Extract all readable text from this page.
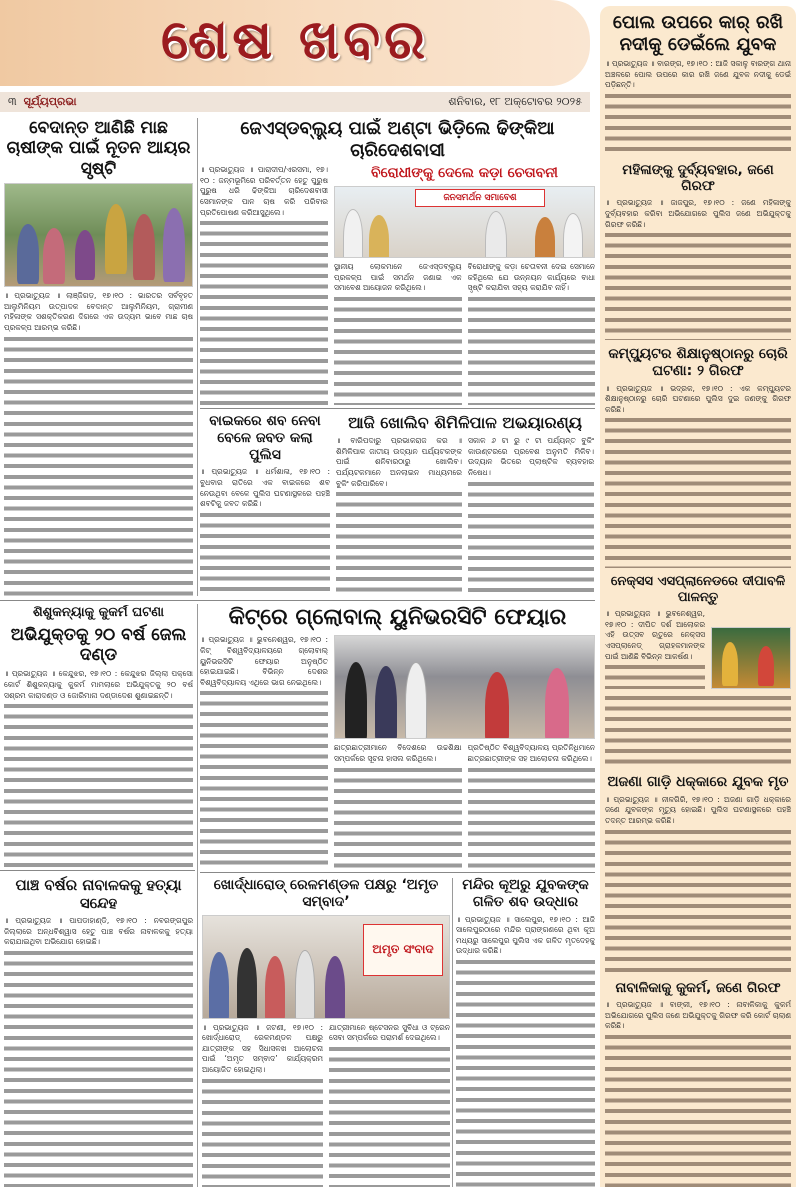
ଶେଷ ଖବର
୩ ସୂର୍ଯ୍ୟପ୍ରଭା	ଶନିବାର, ୧୮ ଅକ୍ଟୋବର ୨୦୨୫
ବେଦାନ୍ତ ଆଣିଛି ମାଛ ଚାଷୀଙ୍କ ପାଇଁ ନୂତନ ଆୟର ସୃଷ୍ଟି
॥ ପ୍ରଭାତ୍ୟୁଜ ॥ ଲାଞ୍ଜିଗଡ଼, ୧୭।୧୦ : ଭାରତର ସର୍ବବୃହତ ଆଲୁମିନିୟମ ଉତ୍ପାଦକ ବେଦାନ୍ତ ଆଲୁମିନିୟମ, ଗ୍ରାମୀଣ ମହିଳାଙ୍କ ସଶକ୍ତିକରଣ ଦିଗରେ ଏକ ଉଦ୍ୟମ ଭାବେ ମାଛ ଚାଷ ପ୍ରକଳ୍ପ ଆରମ୍ଭ କରିଛି।
ଜେଏସ୍‌ଡବ୍ଲ୍ୟୁ ପାଇଁ ଅଣ୍ଟା ଭିଡ଼ିଲେ ଢିଙ୍କିଆ ଚାରିଦେଶବାସୀ
॥ ପ୍ରଭାତ୍ୟୁଜ ॥ ପାରାଦୀପ/ଏରସମା, ୧୭।୧୦ : ଜନ୍ମଭୂମିରେ ପରିବର୍ତ୍ତନ ହେତୁ ପୁରୁଷ ପୁରୁଷ ଧରି ଢିଙ୍କିଆ ଚାରିଦେଶବାସୀ ସେମାନଙ୍କ ପାନ ଚାଷ କରି ପରିବାର ପ୍ରତିପୋଷଣ କରିଆସୁଥିଲେ।
ବିରୋଧୀଙ୍କୁ ଦେଲେ କଡ଼ା ଚେତାବନୀ
ଜନସମର୍ଥନ ସମାବେଶ
ସ୍ଥାନୀୟ ଲୋକମାନେ ଜେଏସ୍‌ଡବ୍ଲ୍ୟୁ ପ୍ରକଳ୍ପ ପାଇଁ ସମର୍ଥନ ଜଣାଇ ଏକ ସମାବେଶ ଆୟୋଜନ କରିଥିଲେ।
ବିରୋଧୀଙ୍କୁ କଡ଼ା ଚେତାବନୀ ଦେଇ ସେମାନେ କହିଥିଲେ ଯେ ଉନ୍ନୟନ କାର୍ଯ୍ୟରେ ବାଧା ସୃଷ୍ଟି କରାଯିବା ସହ୍ୟ କରାଯିବ ନାହିଁ।
ବାଇକରେ ଶବ ନେବା ବେଳେ ଜବତ କଲା ପୁଲିସ
॥ ପ୍ରଭାତ୍ୟୁଜ ॥ ଧର୍ମଶାଳା, ୧୭।୧୦ : ବୁଧବାର ରାତିରେ ଏକ ବାଇକରେ ଶବ ନେଉଥିବା ବେଳେ ପୁଲିସ ଘଟଣାସ୍ଥଳରେ ପହଞ୍ଚି ଶବଟିକୁ ଜବତ କରିଛି।
ଆଜି ଖୋଲିବ ଶିମିଳିପାଳ ଅଭୟାରଣ୍ୟ
॥ ବାରିପଦାରୁ ପ୍ରଭାକରାଜ କର ॥ ଶିମିଳିପାଳ ଜାତୀୟ ଉଦ୍ୟାନ ପର୍ଯ୍ୟଟକଙ୍କ ପାଇଁ ଶନିବାରଠାରୁ ଖୋଲିବ। ପର୍ଯ୍ୟଟକମାନେ ଅନଲାଇନ ମାଧ୍ୟମରେ ବୁକିଂ କରିପାରିବେ।
ସକାଳ ୬ ଟା ରୁ ୯ ଟା ପର୍ଯ୍ୟନ୍ତ ବୁକିଂ କାଉଣ୍ଟରରେ ପ୍ରବେଶ ଅନୁମତି ମିଳିବ। ଉଦ୍ୟାନ ଭିତରେ ପ୍ଲାଷ୍ଟିକ ବ୍ୟବହାର ନିଷେଧ।
ଶିଶୁକନ୍ୟାକୁ କୁକର୍ମ ଘଟଣା
ଅଭିଯୁକ୍ତକୁ ୨୦ ବର୍ଷ ଜେଲ ଦଣ୍ଡ
॥ ପ୍ରଭାତ୍ୟୁଜ ॥ କେନ୍ଦୁଝର, ୧୭।୧୦ : କେନ୍ଦୁଝର ଜିଲ୍ଲା ପକ୍ସୋ କୋର୍ଟ ଶିଶୁକନ୍ୟାକୁ କୁକର୍ମ ମାମଲାରେ ଅଭିଯୁକ୍ତକୁ ୨୦ ବର୍ଷ ସଶ୍ରମ କାରାଦଣ୍ଡ ଓ ଜୋରିମାନା ଦଣ୍ଡାଦେଶ ଶୁଣାଇଛନ୍ତି।
ପାଞ୍ଚ ବର୍ଷର ନାବାଳକକୁ ହତ୍ୟା ସନ୍ଦେହ
॥ ପ୍ରଭାତ୍ୟୁଜ ॥ ପାପଡାହାଣ୍ଡି, ୧୭।୧୦ : ନବରଙ୍ଗପୁର ଜିଲ୍ଲାରେ ଅନ୍ଧବିଶ୍ୱାସ ହେତୁ ପାଞ୍ଚ ବର୍ଷର ନାବାଳକକୁ ହତ୍ୟା କରାଯାଇଥିବା ଅଭିଯୋଗ ହୋଇଛି।
କିଟ୍‌ରେ ଗ୍ଲୋବାଲ୍ ୟୁନିଭରସିଟି ଫେୟାର
॥ ପ୍ରଭାତ୍ୟୁଜ ॥ ଭୁବନେଶ୍ୱର, ୧୭।୧୦ : କିଟ୍ ବିଶ୍ୱବିଦ୍ୟାଳୟରେ ଗ୍ଲୋବାଲ୍ ୟୁନିଭରସିଟି ଫେୟାର ଅନୁଷ୍ଠିତ ହୋଇଯାଇଛି। ବିଭିନ୍ନ ଦେଶର ବିଶ୍ୱବିଦ୍ୟାଳୟ ଏଥିରେ ଭାଗ ନେଇଥିଲେ।
ଛାତ୍ରଛାତ୍ରୀମାନେ ବିଦେଶରେ ଉଚ୍ଚଶିକ୍ଷା ସମ୍ପର୍କରେ ସୂଚନା ହାସଲ କରିଥିଲେ।
ପ୍ରତିଷ୍ଠିତ ବିଶ୍ୱବିଦ୍ୟାଳୟ ପ୍ରତିନିଧିମାନେ ଛାତ୍ରଛାତ୍ରୀଙ୍କ ସହ ଆଲୋଚନା କରିଥିଲେ।
ଖୋର୍ଦ୍ଧାରୋଡ୍ ରେଳମଣ୍ଡଳ ପକ୍ଷରୁ ‘ଅମୃତ ସମ୍ବାଦ’
ଅମୃତ ସଂବାଦ
॥ ପ୍ରଭାତ୍ୟୁଜ ॥ ଜଟଣୀ, ୧୭।୧୦ : ଖୋର୍ଦ୍ଧାରୋଡ୍ ରେଳମଣ୍ଡଳ ପକ୍ଷରୁ ଯାତ୍ରୀଙ୍କ ସହ ସିଧାସଳଖ ଆଲୋଚନା ପାଇଁ ‘ଅମୃତ ସମ୍ବାଦ’ କାର୍ଯ୍ୟକ୍ରମ ଆୟୋଜିତ ହୋଇଥିଲା।
ଯାତ୍ରୀମାନେ ଷ୍ଟେସନର ସୁବିଧା ଓ ଟ୍ରେନ ସେବା ସମ୍ପର୍କରେ ପରାମର୍ଶ ଦେଇଥିଲେ।
ମନ୍ଦିର କୂଅରୁ ଯୁବକଙ୍କ ଗଳିତ ଶବ ଉଦ୍ଧାର
॥ ପ୍ରଭାତ୍ୟୁଜ ॥ ସାଲେପୁର, ୧୭।୧୦ : ଆଜି ସାଲେପୁରଠାରେ ମନ୍ଦିର ପ୍ରାଙ୍ଗଣରେ ଥିବା କୂଅ ମଧ୍ୟରୁ ସାଲେପୁର ପୁଲିସ ଏକ ଗଳିତ ମୃତଦେହକୁ ଉଦ୍ଧାର କରିଛି।
ପୋଲ ଉପରେ କାର୍ ରଖି ନଦୀକୁ ଡେଇଁଲେ ଯୁବକ
॥ ପ୍ରଭାତ୍ୟୁଜ ॥ ବାରଙ୍ଗ, ୧୭।୧୦ : ଆଜି ସକାଳୁ ବାରଙ୍ଗ ଥାନା ଅଞ୍ଚଳରେ ପୋଲ ଉପରେ କାର ରଖି ଜଣେ ଯୁବକ ନଦୀକୁ ଡେଇଁ ପଡ଼ିଛନ୍ତି।
ମହିଳାଙ୍କୁ ଦୁର୍ବ୍ୟବହାର, ଜଣେ ଗିରଫ
॥ ପ୍ରଭାତ୍ୟୁଜ ॥ ଜାଜପୁର, ୧୭।୧୦ : ଜଣେ ମହିଳାଙ୍କୁ ଦୁର୍ବ୍ୟବହାର କରିବା ଅଭିଯୋଗରେ ପୁଲିସ ଜଣେ ଅଭିଯୁକ୍ତକୁ ଗିରଫ କରିଛି।
କମ୍ପ୍ୟୁଟର ଶିକ୍ଷାନୁଷ୍ଠାନରୁ ଚୋରି ଘଟଣା: ୨ ଗିରଫ
॥ ପ୍ରଭାତ୍ୟୁଜ ॥ ଭଦ୍ରକ, ୧୭।୧୦ : ଏକ କମ୍ପ୍ୟୁଟର ଶିକ୍ଷାନୁଷ୍ଠାନରୁ ଚୋରି ଘଟଣାରେ ପୁଲିସ ଦୁଇ ଜଣଙ୍କୁ ଗିରଫ କରିଛି।
ନେକ୍ସସ ଏସପ୍ଲାନେଡରେ ଦୀପାବଳି ପାଳନ୍ତୁ
॥ ପ୍ରଭାତ୍ୟୁଜ ॥ ଭୁବନେଶ୍ୱର, ୧୭।୧୦ : ଦୀପିତ ଦର୍ଶ ଆଲୋକର ଏହି ଉତ୍ସବ ଋତୁରେ ନେକ୍ସସ ଏସପ୍ଲାନେଡ୍ ଗ୍ରାହକମାନଙ୍କ ପାଇଁ ଆଣିଛି ବିଭିନ୍ନ ଆକର୍ଷଣ।
ଅଜଣା ଗାଡ଼ି ଧକ୍କାରେ ଯୁବକ ମୃତ
॥ ପ୍ରଭାତ୍ୟୁଜ ॥ ନୀଳଗିରି, ୧୭।୧୦ : ଅଜଣା ଗାଡ଼ି ଧକ୍କାରେ ଜଣେ ଯୁବକଙ୍କ ମୃତ୍ୟୁ ହୋଇଛି। ପୁଲିସ ଘଟଣାସ୍ଥଳରେ ପହଞ୍ଚି ତଦନ୍ତ ଆରମ୍ଭ କରିଛି।
ନାବାଳିକାକୁ କୁକର୍ମ, ଜଣେ ଗିରଫ
॥ ପ୍ରଭାତ୍ୟୁଜ ॥ ବାଙ୍କୀ, ୧୭।୧୦ : ନାବାଳିକାକୁ କୁକର୍ମ ଅଭିଯୋଗରେ ପୁଲିସ ଜଣେ ଅଭିଯୁକ୍ତକୁ ଗିରଫ କରି କୋର୍ଟ ଚାଲାଣ କରିଛି।
